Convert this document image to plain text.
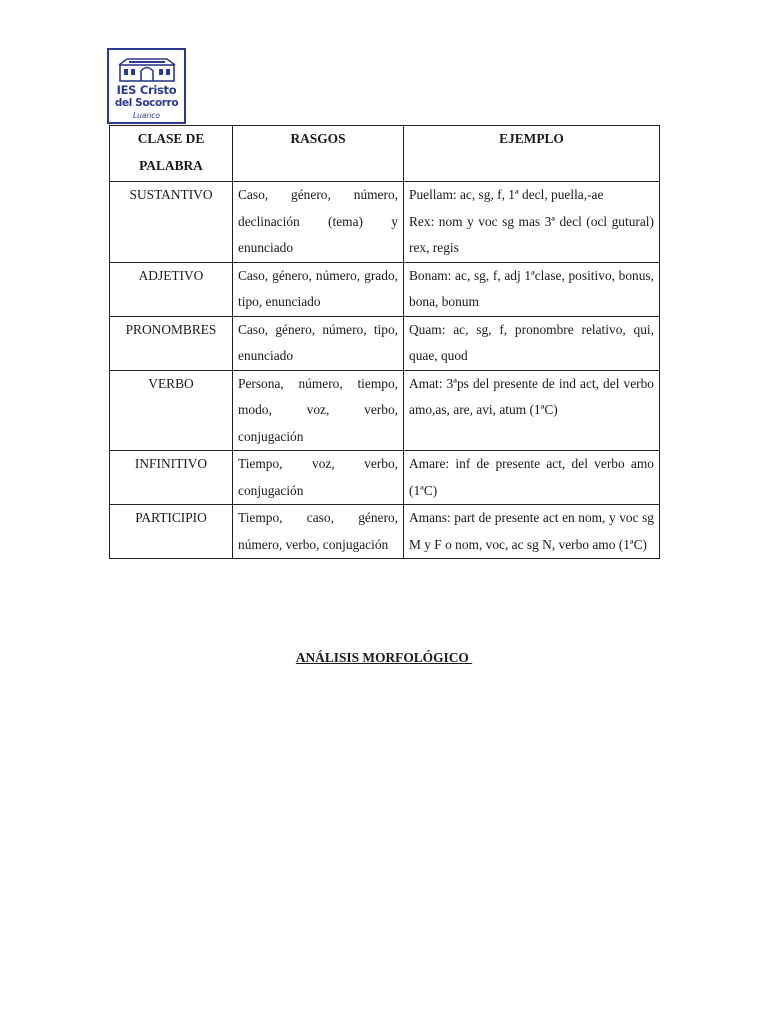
IES Cristo
del Socorro
Luanco
CLASE DE PALABRA	RASGOS	EJEMPLO
SUSTANTIVO	Caso, género, número, declinación (tema) y enunciado	Puellam: ac, sg, f, 1ª decl, puella,-ae
Rex: nom y voc sg mas 3ª decl (ocl gutural) rex, regis

ADJETIVO	Caso, género, número, grado, tipo, enunciado	Bonam: ac, sg, f, adj 1ªclase, positivo, bonus, bona, bonum

PRONOMBRES	Caso, género, número, tipo, enunciado	Quam: ac, sg, f, pronombre relativo, qui, quae, quod

VERBO	Persona, número, tiempo, modo, voz, verbo, conjugación	Amat: 3ªps del presente de ind act, del verbo amo,as, are, avi, atum (1ªC)

INFINITIVO	Tiempo, voz, verbo, conjugación	Amare: inf de presente act, del verbo amo (1ªC)

PARTICIPIO	Tiempo, caso, género, número, verbo, conjugación	Amans: part de presente act en nom, y voc sg M y F o nom, voc, ac sg N, verbo amo (1ªC)
ANÁLISIS MORFOLÓGICO
